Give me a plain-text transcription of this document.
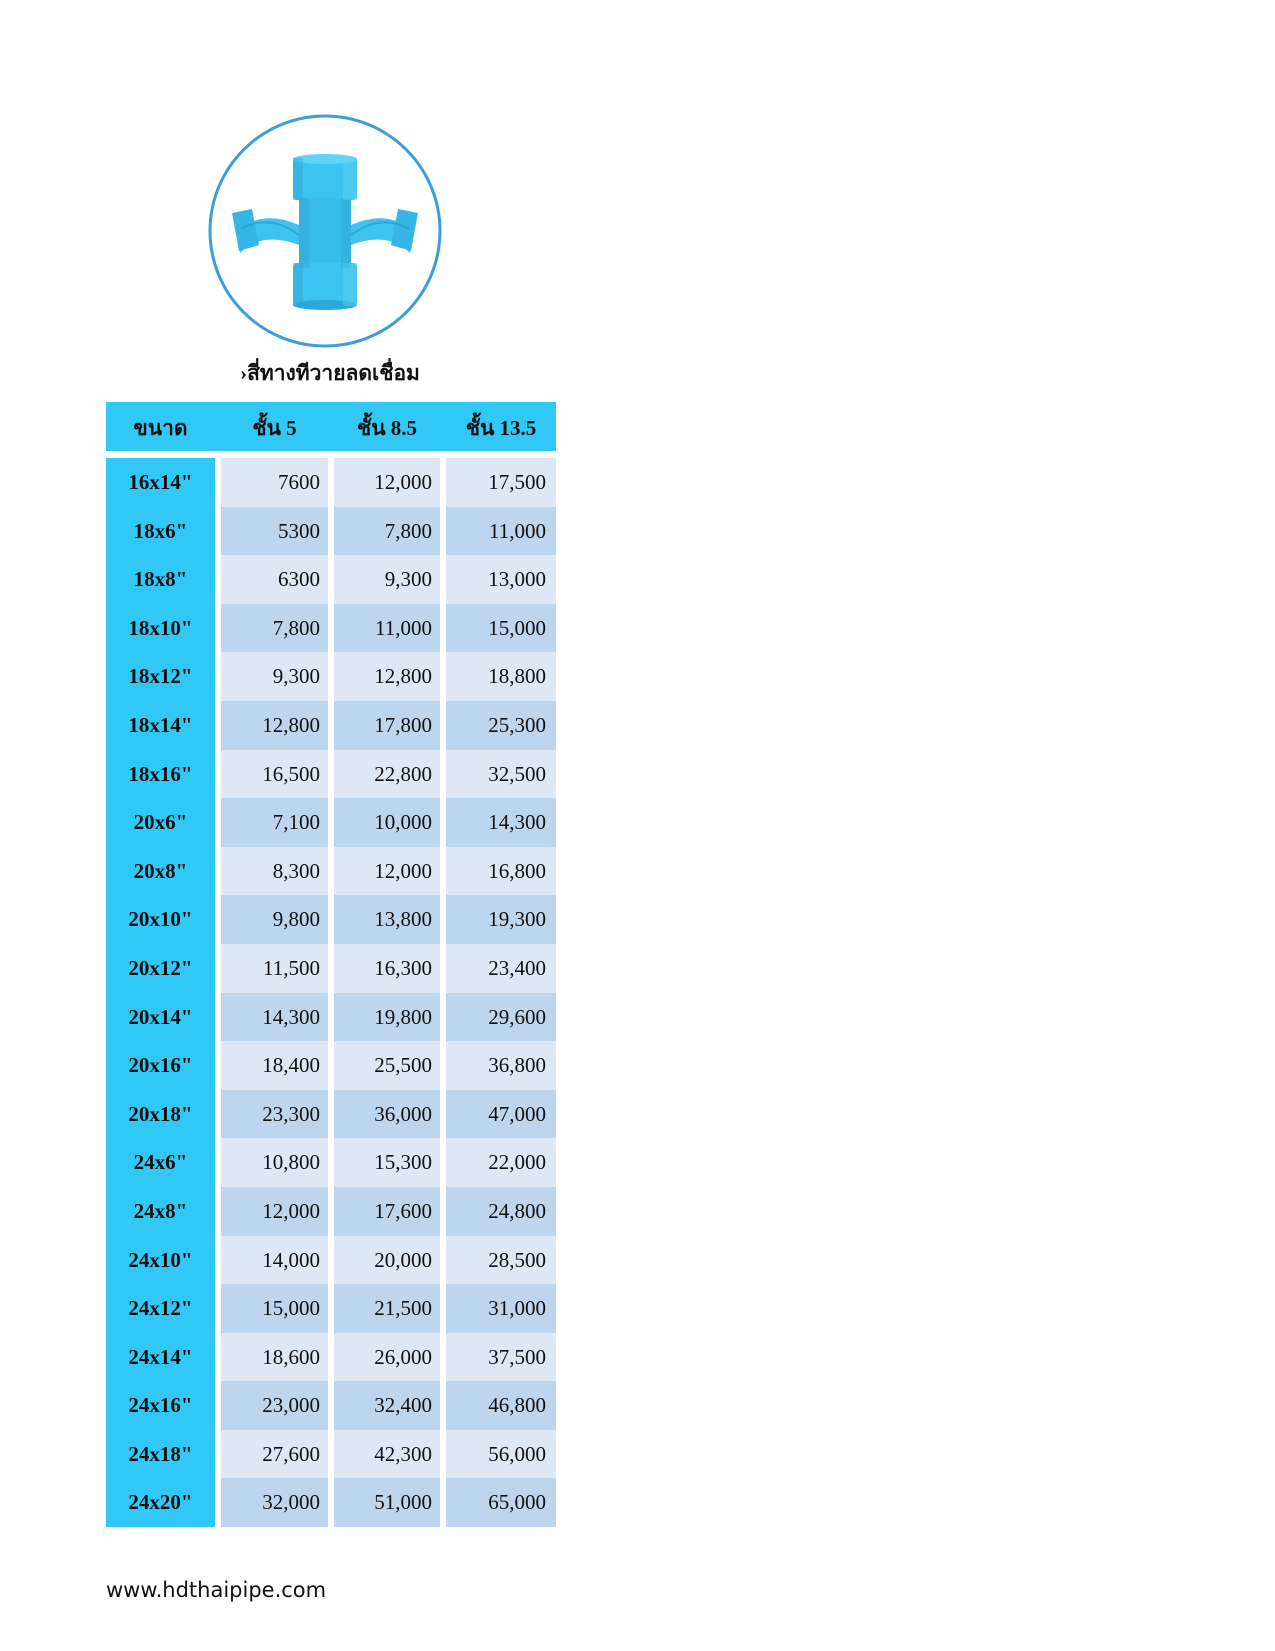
›สี่ทางทีวายลดเชื่อม
ขนาด	ชั้น 5	ชั้น 8.5	ชั้น 13.5
16x14"	7600	12,000	17,500
18x6"	5300	7,800	11,000
18x8"	6300	9,300	13,000
18x10"	7,800	11,000	15,000
18x12"	9,300	12,800	18,800
18x14"	12,800	17,800	25,300
18x16"	16,500	22,800	32,500
20x6"	7,100	10,000	14,300
20x8"	8,300	12,000	16,800
20x10"	9,800	13,800	19,300
20x12"	11,500	16,300	23,400
20x14"	14,300	19,800	29,600
20x16"	18,400	25,500	36,800
20x18"	23,300	36,000	47,000
24x6"	10,800	15,300	22,000
24x8"	12,000	17,600	24,800
24x10"	14,000	20,000	28,500
24x12"	15,000	21,500	31,000
24x14"	18,600	26,000	37,500
24x16"	23,000	32,400	46,800
24x18"	27,600	42,300	56,000
24x20"	32,000	51,000	65,000
www.hdthaipipe.com
